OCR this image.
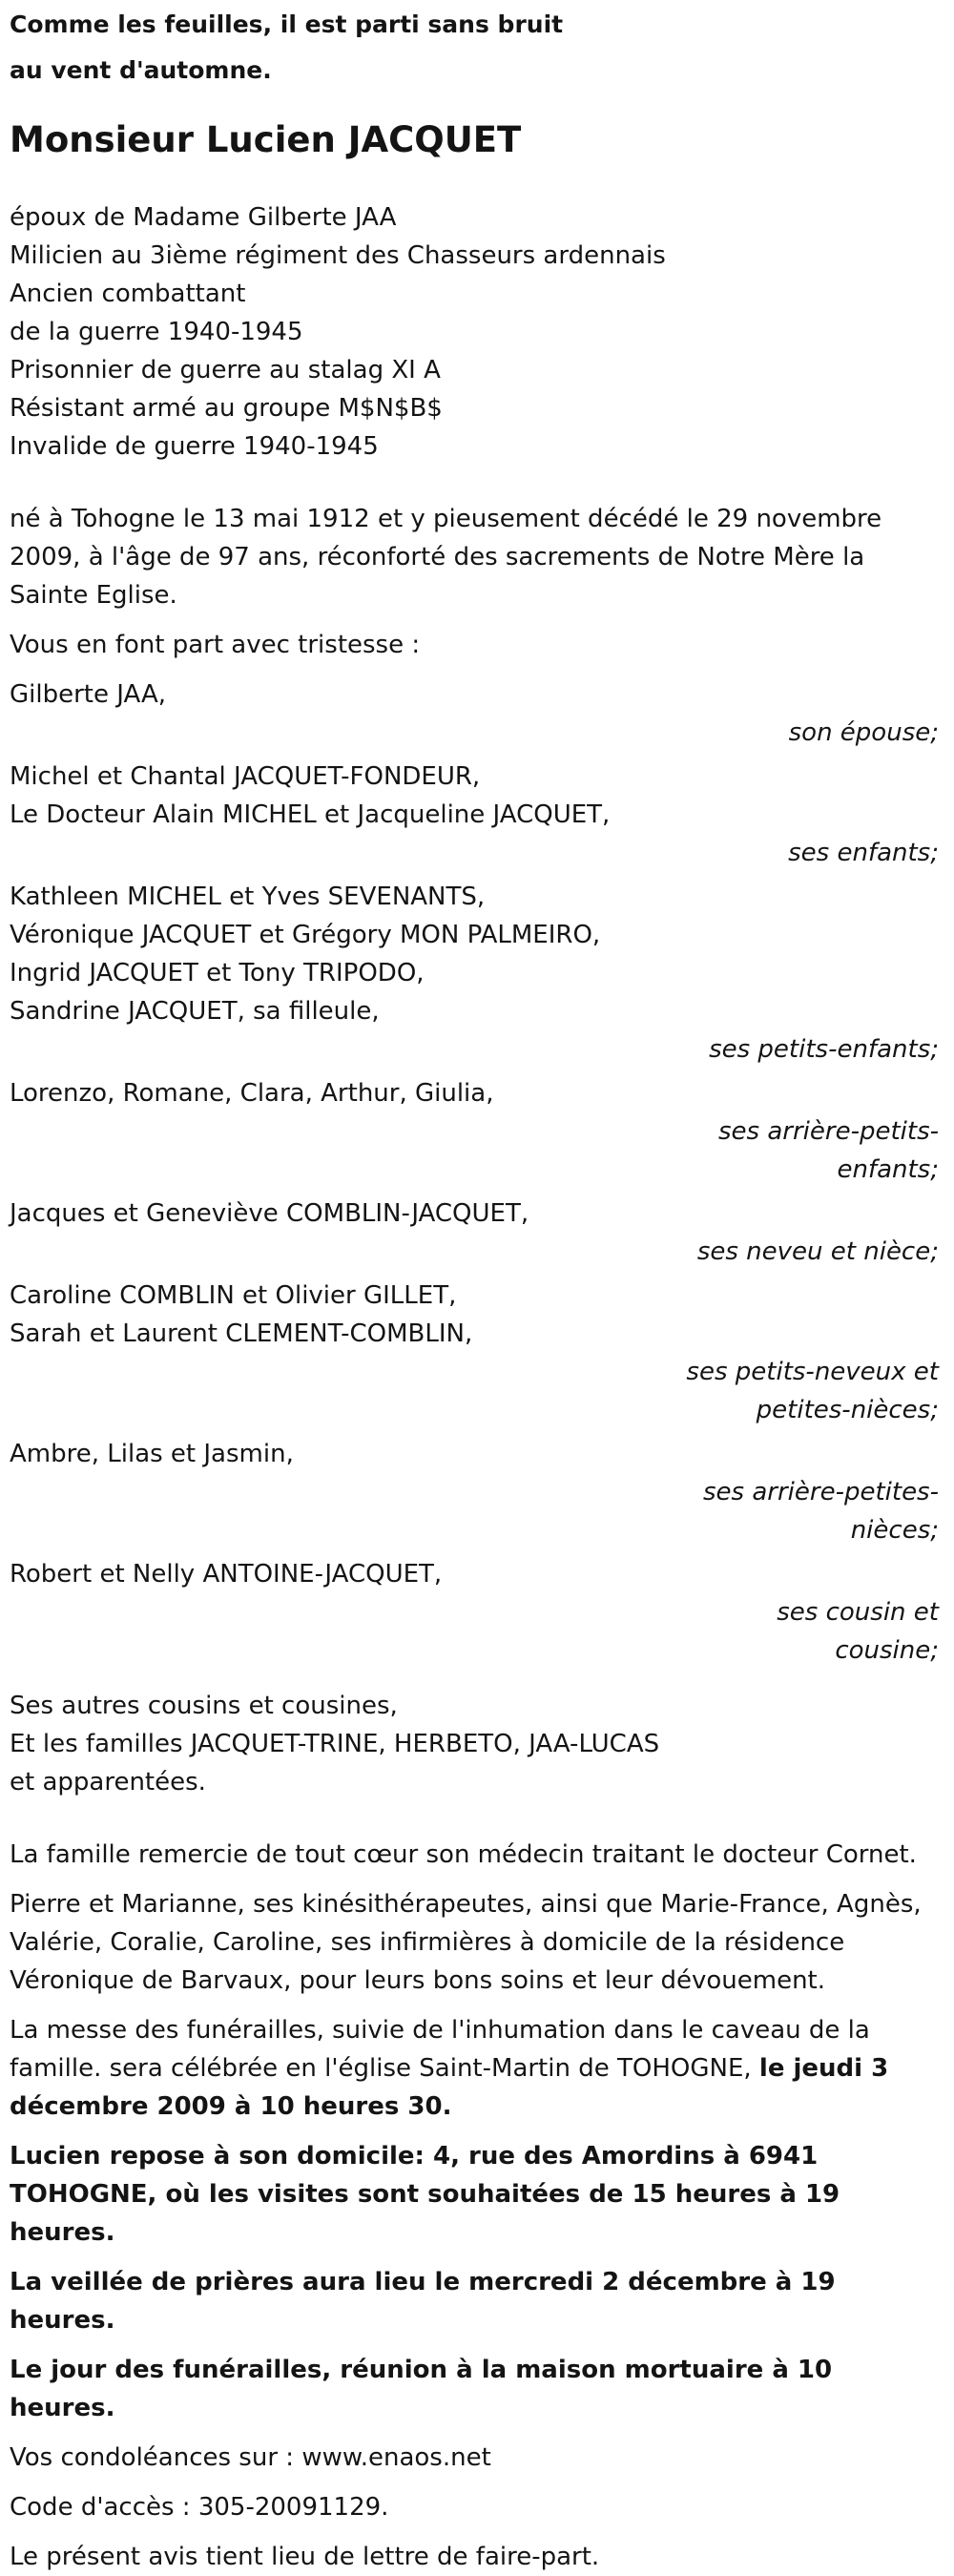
Comme les feuilles, il est parti sans bruit
au vent d'automne.
Monsieur Lucien JACQUET
époux de Madame Gilberte JAA
Milicien au 3ième régiment des Chasseurs ardennais
Ancien combattant
de la guerre 1940-1945
Prisonnier de guerre au stalag XI A
Résistant armé au groupe M$N$B$
Invalide de guerre 1940-1945
né à Tohogne le 13 mai 1912 et y pieusement décédé le 29 novembre 2009, à l'âge de 97 ans, réconforté des sacrements de Notre Mère la Sainte Eglise.
Vous en font part avec tristesse :
Gilberte JAA,
son épouse;
Michel et Chantal JACQUET-FONDEUR,
Le Docteur Alain MICHEL et Jacqueline JACQUET,
ses enfants;
Kathleen MICHEL et Yves SEVENANTS,
Véronique JACQUET et Grégory MON PALMEIRO,
Ingrid JACQUET et Tony TRIPODO,
Sandrine JACQUET, sa filleule,
ses petits-enfants;
Lorenzo, Romane, Clara, Arthur, Giulia,
ses arrière-petits-
enfants;
Jacques et Geneviève COMBLIN-JACQUET,
ses neveu et nièce;
Caroline COMBLIN et Olivier GILLET,
Sarah et Laurent CLEMENT-COMBLIN,
ses petits-neveux et
petites-nièces;
Ambre, Lilas et Jasmin,
ses arrière-petites-
nièces;
Robert et Nelly ANTOINE-JACQUET,
ses cousin et
cousine;
Ses autres cousins et cousines,
Et les familles JACQUET-TRINE, HERBETO, JAA-LUCAS
et apparentées.
La famille remercie de tout cœur son médecin traitant le docteur Cornet.
Pierre et Marianne, ses kinésithérapeutes, ainsi que Marie-France, Agnès, Valérie, Coralie, Caroline, ses infirmières à domicile de la résidence Véronique de Barvaux, pour leurs bons soins et leur dévouement.
La messe des funérailles, suivie de l'inhumation dans le caveau de la famille. sera célébrée en l'église Saint-Martin de TOHOGNE, le jeudi 3 décembre 2009 à 10 heures 30.
Lucien repose à son domicile: 4, rue des Amordins à 6941 TOHOGNE, où les visites sont souhaitées de 15 heures à 19 heures.
La veillée de prières aura lieu le mercredi 2 décembre à 19 heures.
Le jour des funérailles, réunion à la maison mortuaire à 10 heures.
Vos condoléances sur : www.enaos.net
Code d'accès : 305-20091129.
Le présent avis tient lieu de lettre de faire-part.
